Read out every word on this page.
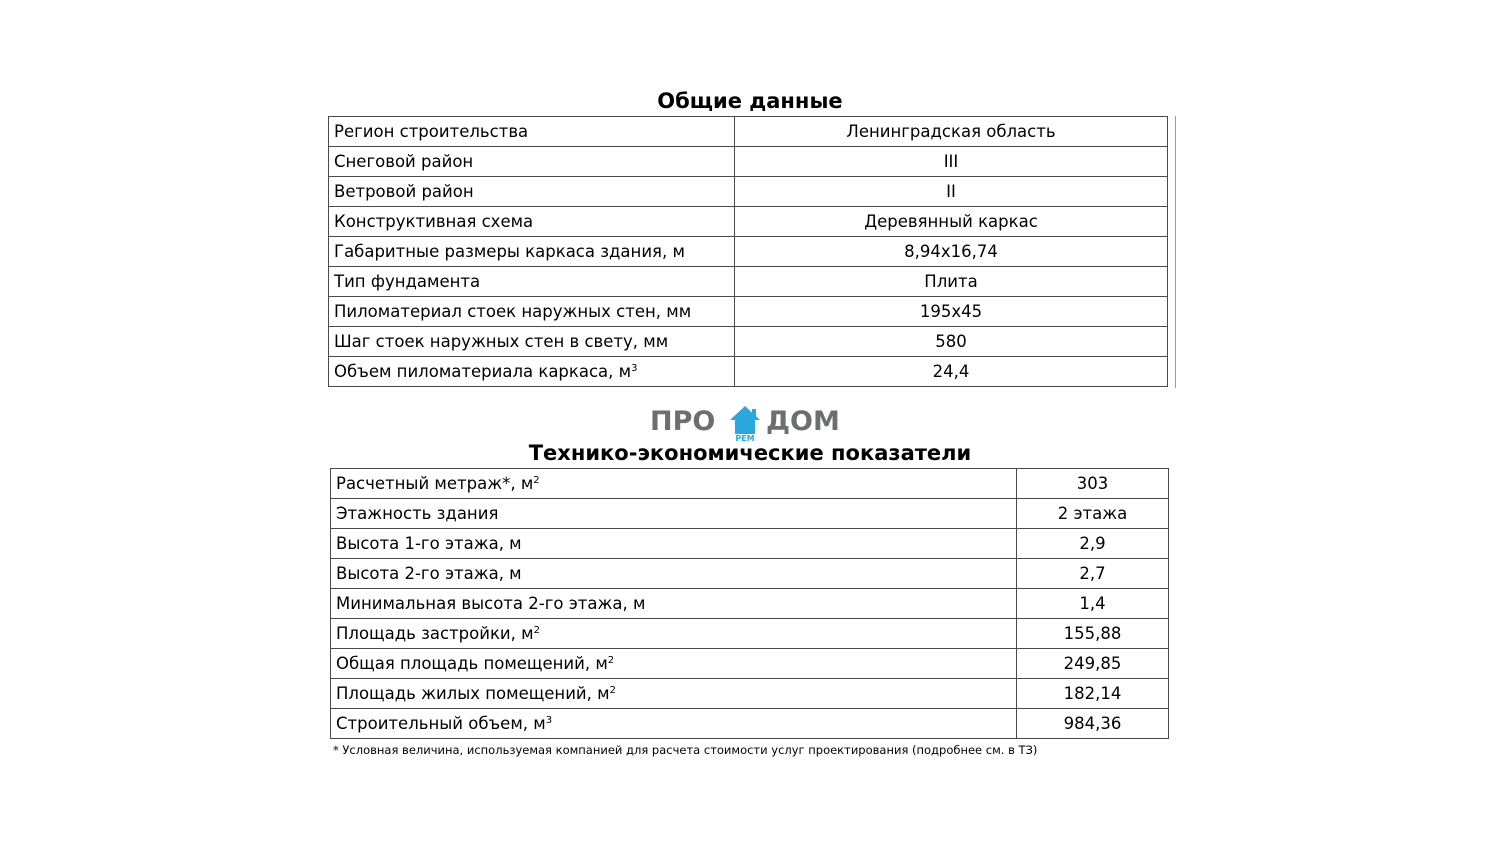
Общие данные
Регион строительства	Ленинградская область
Снеговой район	III
Ветровой район	II
Конструктивная схема	Деревянный каркас
Габаритные размеры каркаса здания, м	8,94x16,74
Тип фундамента	Плита
Пиломатериал стоек наружных стен, мм	195x45
Шаг стоек наружных стен в свету, мм	580
Объем пиломатериала каркаса, $м^3$	24,4
ПРО
РЕМ
ДОМ
Технико-экономические показатели
Расчетный метраж*, $м^2$	303
Этажность здания	2 этажа
Высота 1-го этажа, м	2,9
Высота 2-го этажа, м	2,7
Минимальная высота 2-го этажа, м	1,4
Площадь застройки, $м^2$	155,88
Общая площадь помещений, $м^2$	249,85
Площадь жилых помещений, $м^2$	182,14
Строительный объем, $м^3$	984,36
* Условная величина, используемая компанией для расчета стоимости услуг проектирования (подробнее см. в ТЗ)
